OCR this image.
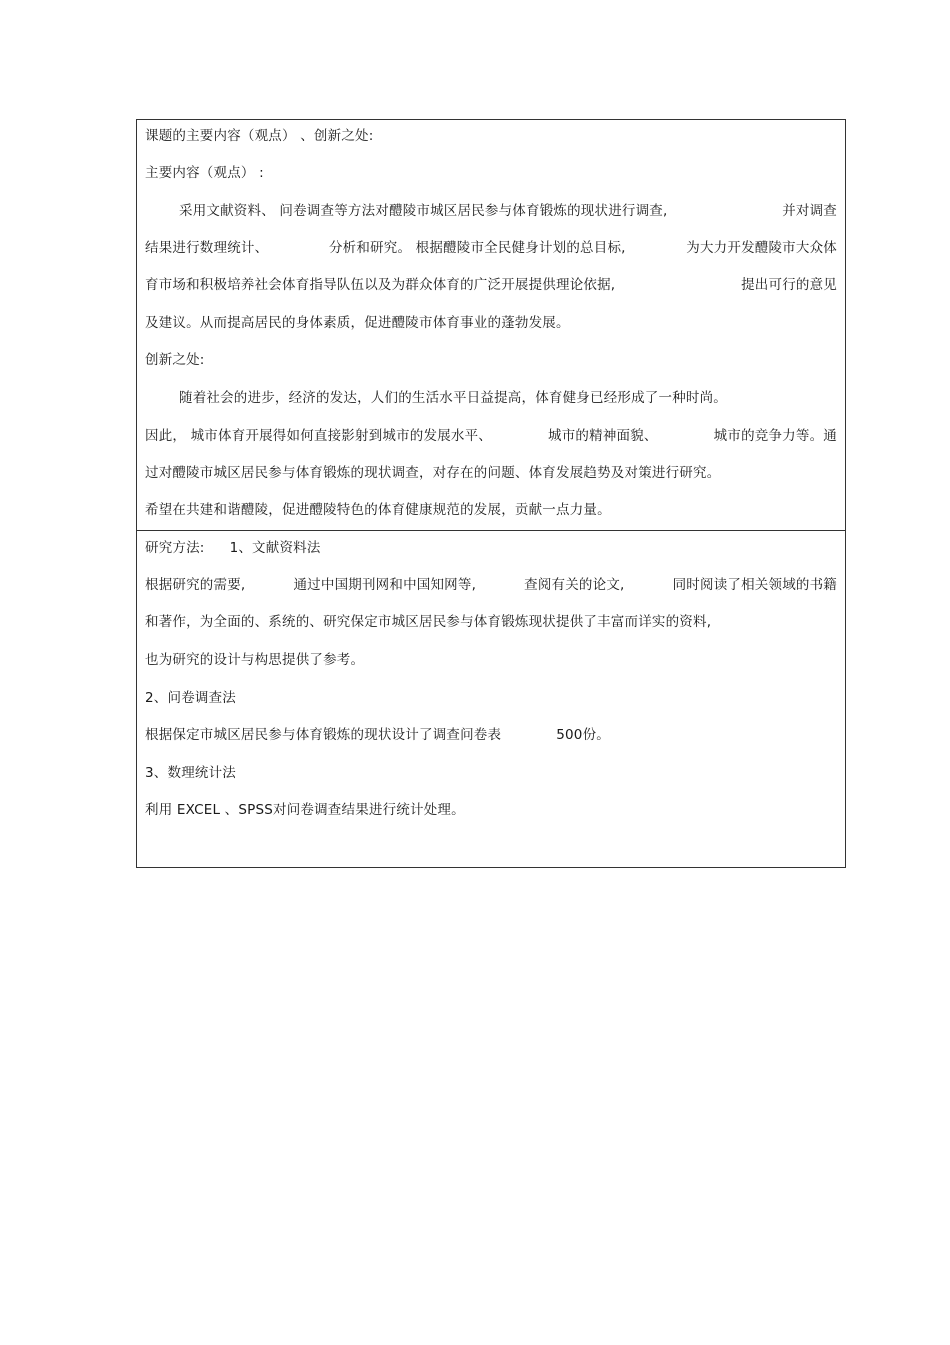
课题的主要内容（观点） 、创新之处:
主要内容（观点） :
采用文献资料、 问卷调查等方法对醴陵市城区居民参与体育锻炼的现状进行调查,	并对调查
结果进行数理统计、	分析和研究。 根据醴陵市全民健身计划的总目标,	为大力开发醴陵市大众体
育市场和积极培养社会体育指导队伍以及为群众体育的广泛开展提供理论依据,	提出可行的意见
及建议。从而提高居民的身体素质，促进醴陵市体育事业的蓬勃发展。
创新之处:
随着社会的进步，经济的发达，人们的生活水平日益提高，体育健身已经形成了一种时尚。
因此， 城市体育开展得如何直接影射到城市的发展水平、	城市的精神面貌、	城市的竞争力等。通
过对醴陵市城区居民参与体育锻炼的现状调查，对存在的问题、体育发展趋势及对策进行研究。
希望在共建和谐醴陵，促进醴陵特色的体育健康规范的发展，贡献一点力量。
研究方法: 1、文献资料法
根据研究的需要,	通过中国期刊网和中国知网等,	查阅有关的论文,	同时阅读了相关领域的书籍
和著作，为全面的、系统的、研究保定市城区居民参与体育锻炼现状提供了丰富而详实的资料,
也为研究的设计与构思提供了参考。
2、问卷调查法
根据保定市城区居民参与体育锻炼的现状设计了调查问卷表	500份。
3、数理统计法
利用 EXCEL 、SPSS对问卷调查结果进行统计处理。
